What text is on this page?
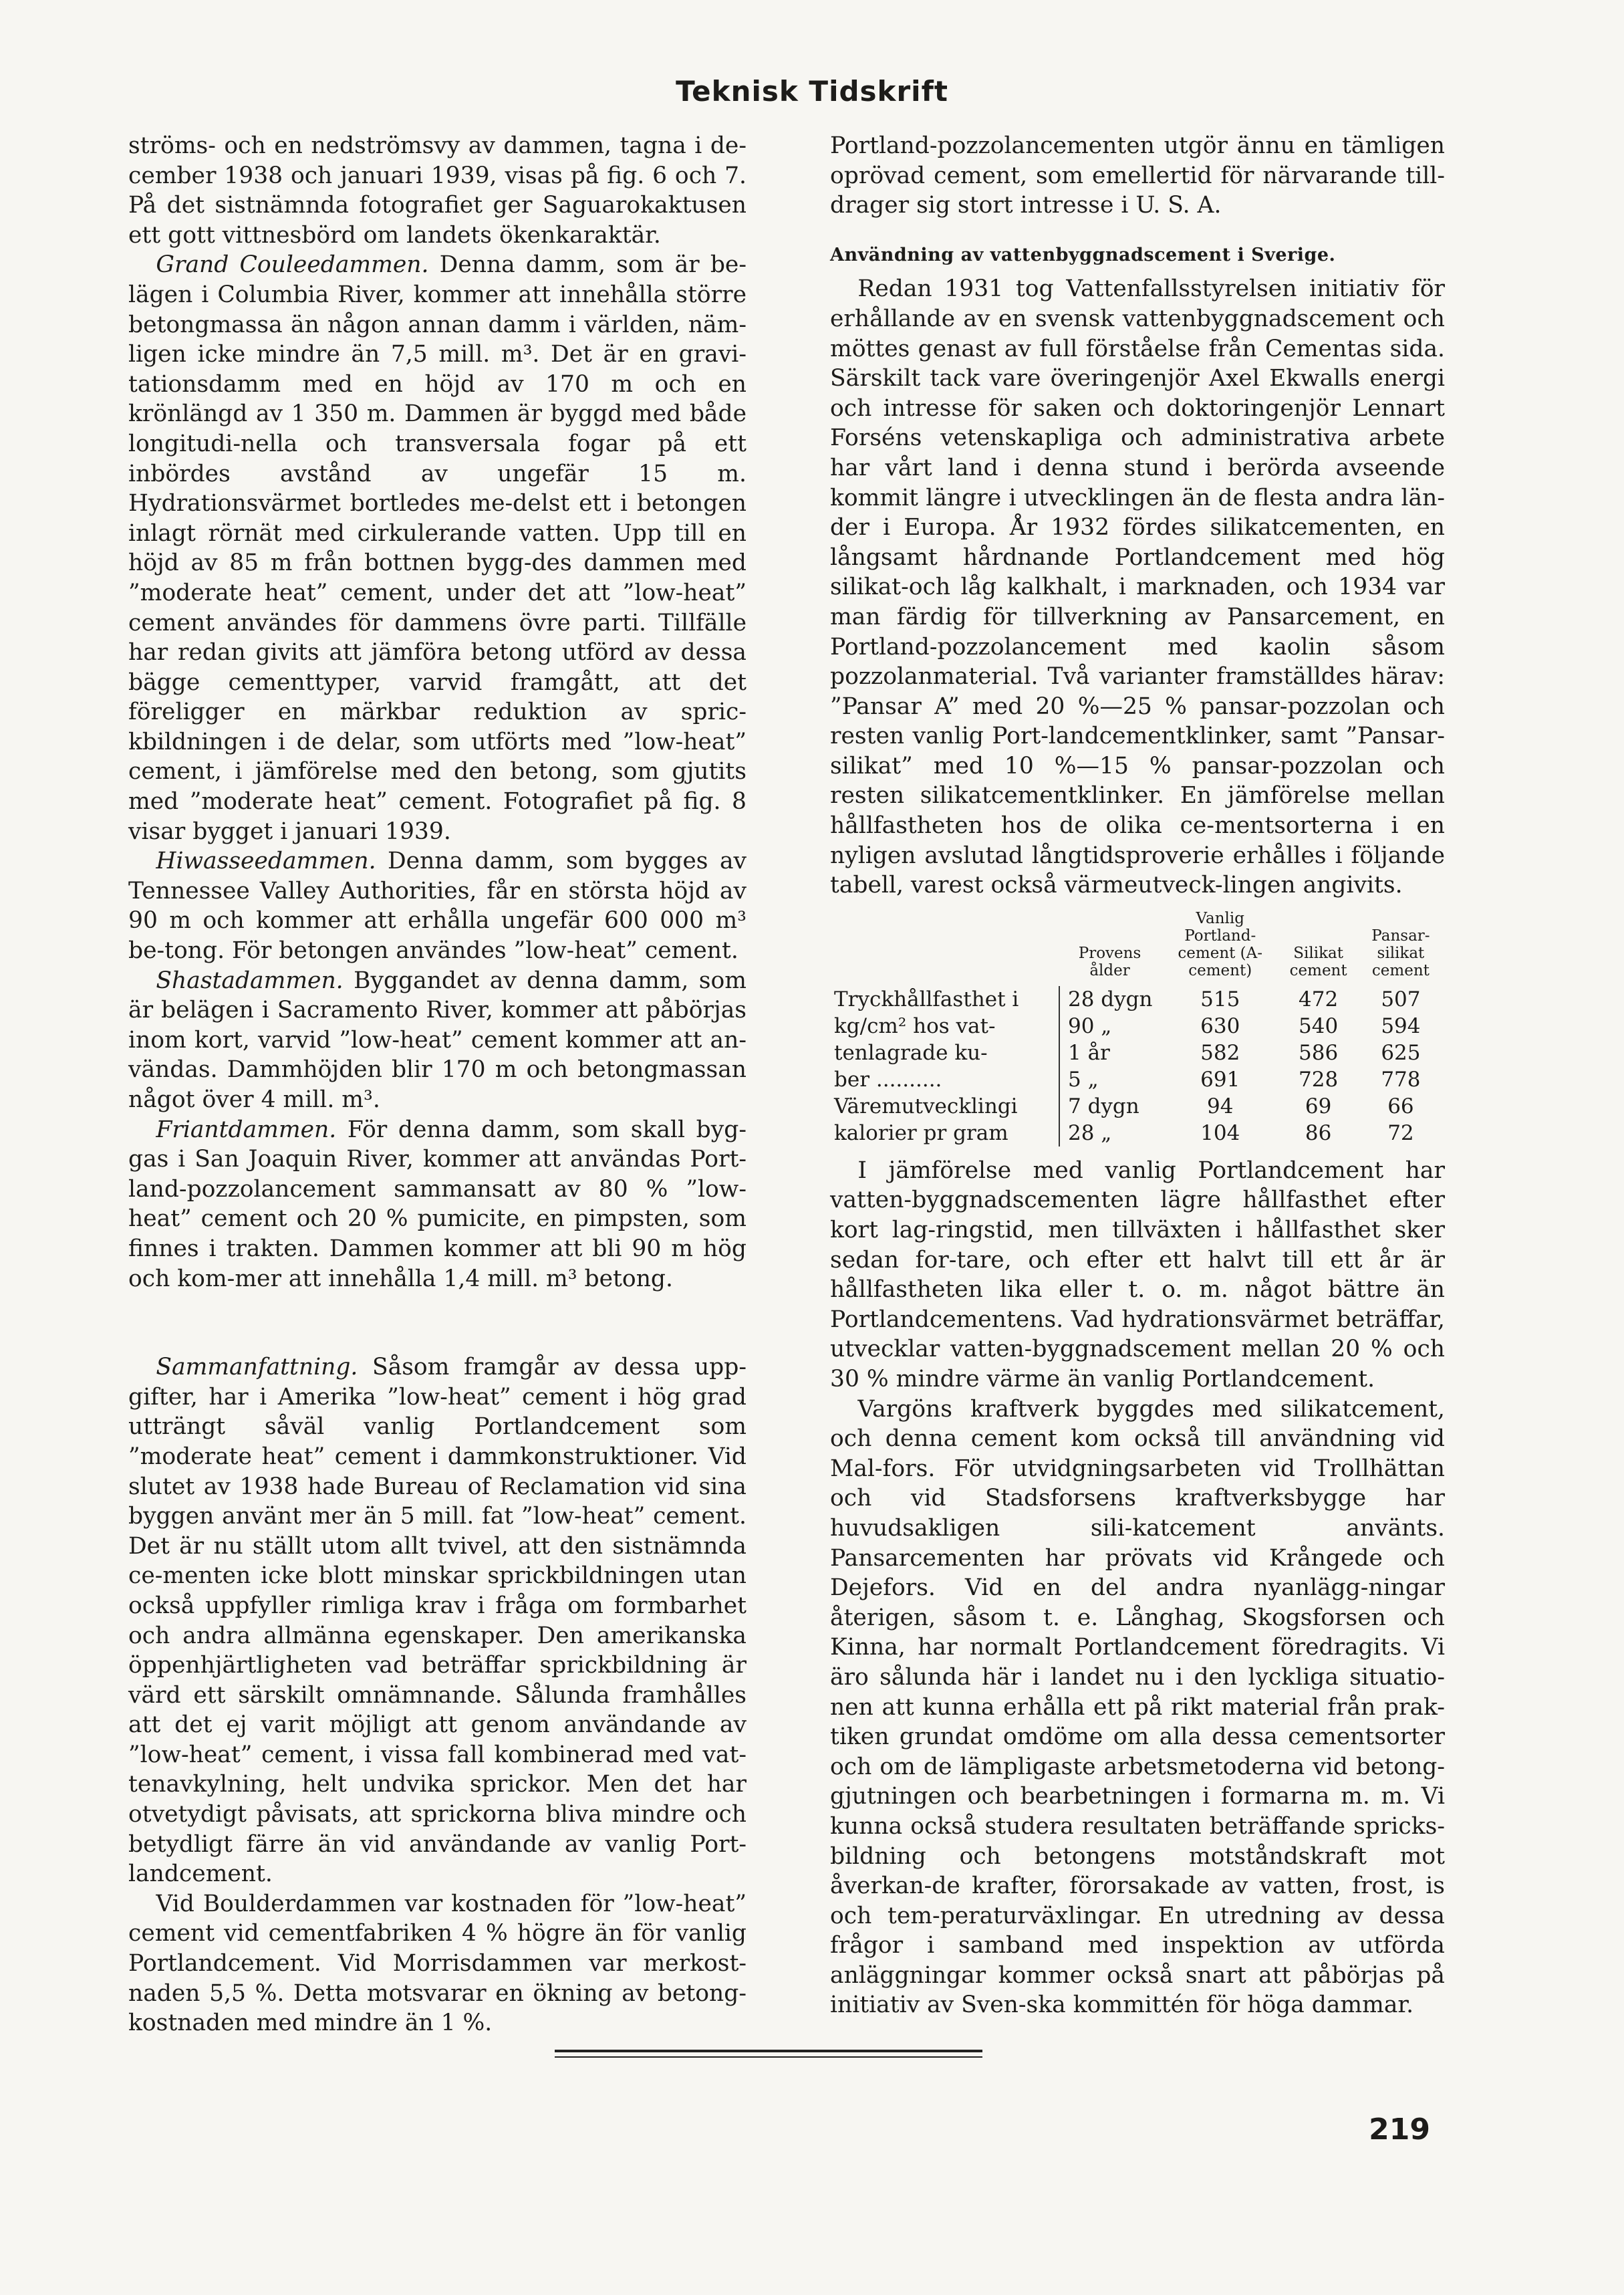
Teknisk Tidskrift

ströms- och en nedströmsvy av dammen, tagna i de-cember 1938 och januari 1939, visas på fig. 6 och 7. På det sistnämnda fotografiet ger Saguarokaktusen ett gott vittnesbörd om landets ökenkaraktär.

Grand Couleedammen. Denna damm, som är be-lägen i Columbia River, kommer att innehålla större betongmassa än någon annan damm i världen, näm-ligen icke mindre än 7,5 mill. m³. Det är en gravi-tationsdamm med en höjd av 170 m och en krönlängd av 1 350 m. Dammen är byggd med både longitudi-nella och transversala fogar på ett inbördes avstånd av ungefär 15 m. Hydrationsvärmet bortledes me-delst ett i betongen inlagt rörnät med cirkulerande vatten. Upp till en höjd av 85 m från bottnen bygg-des dammen med ”moderate heat” cement, under det att ”low-heat” cement användes för dammens övre parti. Tillfälle har redan givits att jämföra betong utförd av dessa bägge cementtyper, varvid framgått, att det föreligger en märkbar reduktion av spric-kbildningen i de delar, som utförts med ”low-heat” cement, i jämförelse med den betong, som gjutits med ”moderate heat” cement. Fotografiet på fig. 8 visar bygget i januari 1939.

Hiwasseedammen. Denna damm, som bygges av Tennessee Valley Authorities, får en största höjd av 90 m och kommer att erhålla ungefär 600 000 m³ be-tong. För betongen användes ”low-heat” cement.

Shastadammen. Byggandet av denna damm, som är belägen i Sacramento River, kommer att påbörjas inom kort, varvid ”low-heat” cement kommer att an-vändas. Dammhöjden blir 170 m och betongmassan något över 4 mill. m³.

Friantdammen. För denna damm, som skall byg-gas i San Joaquin River, kommer att användas Port-land-pozzolancement sammansatt av 80 % ”low-heat” cement och 20 % pumicite, en pimpsten, som finnes i trakten. Dammen kommer att bli 90 m hög och kom-mer att innehålla 1,4 mill. m³ betong.

Sammanfattning. Såsom framgår av dessa upp-gifter, har i Amerika ”low-heat” cement i hög grad utträngt såväl vanlig Portlandcement som ”moderate heat” cement i dammkonstruktioner. Vid slutet av 1938 hade Bureau of Reclamation vid sina byggen använt mer än 5 mill. fat ”low-heat” cement. Det är nu ställt utom allt tvivel, att den sistnämnda ce-menten icke blott minskar sprickbildningen utan också uppfyller rimliga krav i fråga om formbarhet och andra allmänna egenskaper. Den amerikanska öppenhjärtligheten vad beträffar sprickbildning är värd ett särskilt omnämnande. Sålunda framhålles att det ej varit möjligt att genom användande av ”low-heat” cement, i vissa fall kombinerad med vat-tenavkylning, helt undvika sprickor. Men det har otvetydigt påvisats, att sprickorna bliva mindre och betydligt färre än vid användande av vanlig Port-landcement.

Vid Boulderdammen var kostnaden för ”low-heat” cement vid cementfabriken 4 % högre än för vanlig Portlandcement. Vid Morrisdammen var merkost-naden 5,5 %. Detta motsvarar en ökning av betong-kostnaden med mindre än 1 %.

Portland-pozzolancementen utgör ännu en tämligen oprövad cement, som emellertid för närvarande till-drager sig stort intresse i U. S. A.

Användning av vattenbyggnadscement i Sverige.

Redan 1931 tog Vattenfallsstyrelsen initiativ för erhållande av en svensk vattenbyggnadscement och möttes genast av full förståelse från Cementas sida. Särskilt tack vare överingenjör Axel Ekwalls energi och intresse för saken och doktoringenjör Lennart Forséns vetenskapliga och administrativa arbete har vårt land i denna stund i berörda avseende kommit längre i utvecklingen än de flesta andra län-der i Europa. År 1932 fördes silikatcementen, en långsamt hårdnande Portlandcement med hög silikat-och låg kalkhalt, i marknaden, och 1934 var man färdig för tillverkning av Pansarcement, en Portland-pozzolancement med kaolin såsom pozzolanmaterial. Två varianter framställdes härav: ”Pansar A” med 20 %—25 % pansar-pozzolan och resten vanlig Port-landcementklinker, samt ”Pansar-silikat” med 10 %—15 % pansar-pozzolan och resten silikatcementklinker. En jämförelse mellan hållfastheten hos de olika ce-mentsorterna i en nyligen avslutad långtidsproverie erhålles i följande tabell, varest också värmeutveck-lingen angivits.

	Provens ålder	Vanlig Portland-cement (A-cement)	Silikat cement	Pansar-silikat cement
Tryckhållfasthet i	28 dygn	515	472	507
kg/cm² hos vat-	90 „	630	540	594
tenlagrade ku-	1 år	582	586	625
ber ..........	5 „	691	728	778
Väremutvecklingi	7 dygn	94	69	66
kalorier pr gram	28 „	104	86	72

I jämförelse med vanlig Portlandcement har vatten-byggnadscementen lägre hållfasthet efter kort lag-ringstid, men tillväxten i hållfasthet sker sedan for-tare, och efter ett halvt till ett år är hållfastheten lika eller t. o. m. något bättre än Portlandcementens. Vad hydrationsvärmet beträffar, utvecklar vatten-byggnadscement mellan 20 % och 30 % mindre värme än vanlig Portlandcement.

Vargöns kraftverk byggdes med silikatcement, och denna cement kom också till användning vid Mal-fors. För utvidgningsarbeten vid Trollhättan och vid Stadsforsens kraftverksbygge har huvudsakligen sili-katcement använts. Pansarcementen har prövats vid Krångede och Dejefors. Vid en del andra nyanlägg-ningar återigen, såsom t. e. Långhag, Skogsforsen och Kinna, har normalt Portlandcement föredragits. Vi äro sålunda här i landet nu i den lyckliga situatio-nen att kunna erhålla ett på rikt material från prak-tiken grundat omdöme om alla dessa cementsorter och om de lämpligaste arbetsmetoderna vid betong-gjutningen och bearbetningen i formarna m. m. Vi kunna också studera resultaten beträffande spricks-bildning och betongens motståndskraft mot åverkan-de krafter, förorsakade av vatten, frost, is och tem-peraturväxlingar. En utredning av dessa frågor i samband med inspektion av utförda anläggningar kommer också snart att påbörjas på initiativ av Sven-ska kommittén för höga dammar.

219
